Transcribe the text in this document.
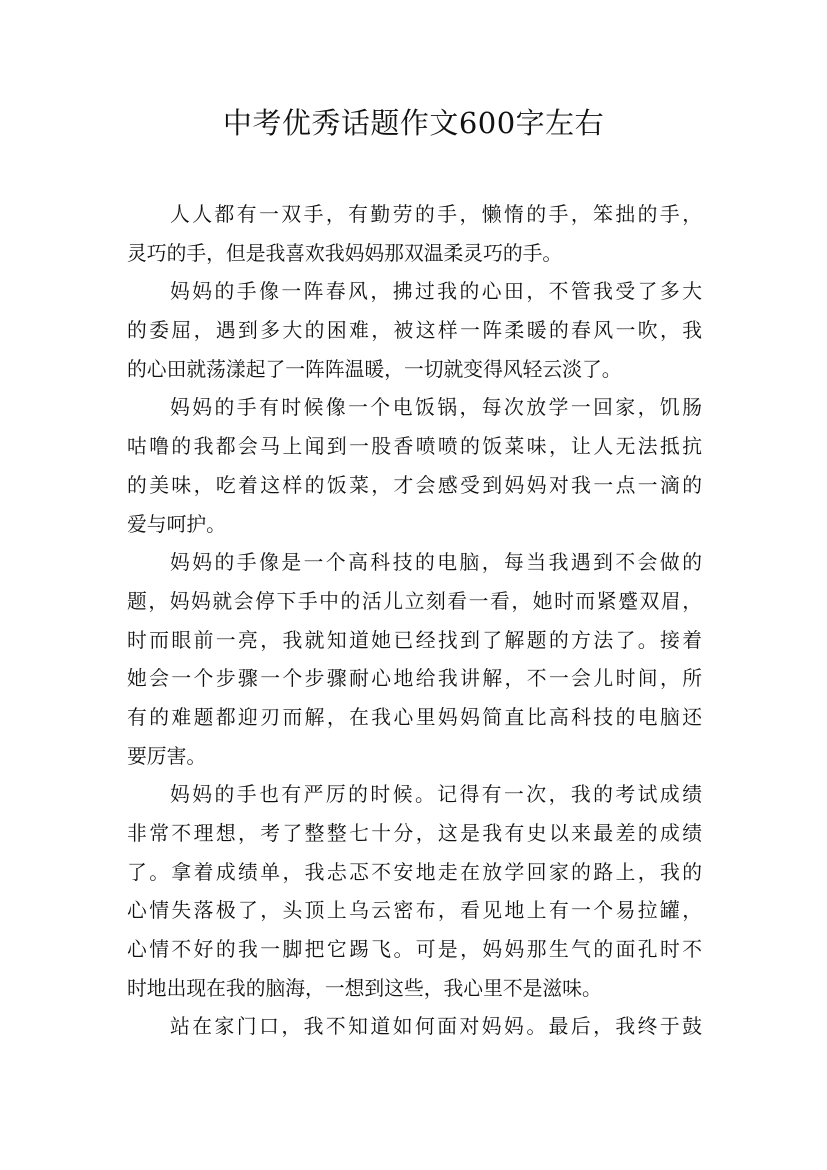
中考优秀话题作文600字左右
人人都有一双手，有勤劳的手，懒惰的手，笨拙的手，
灵巧的手，但是我喜欢我妈妈那双温柔灵巧的手。
妈妈的手像一阵春风，拂过我的心田，不管我受了多大
的委屈，遇到多大的困难，被这样一阵柔暖的春风一吹，我
的心田就荡漾起了一阵阵温暖，一切就变得风轻云淡了。
妈妈的手有时候像一个电饭锅，每次放学一回家，饥肠
咕噜的我都会马上闻到一股香喷喷的饭菜味，让人无法抵抗
的美味，吃着这样的饭菜，才会感受到妈妈对我一点一滴的
爱与呵护。
妈妈的手像是一个高科技的电脑，每当我遇到不会做的
题，妈妈就会停下手中的活儿立刻看一看，她时而紧蹙双眉，
时而眼前一亮，我就知道她已经找到了解题的方法了。接着
她会一个步骤一个步骤耐心地给我讲解，不一会儿时间，所
有的难题都迎刃而解，在我心里妈妈简直比高科技的电脑还
要厉害。
妈妈的手也有严厉的时候。记得有一次，我的考试成绩
非常不理想，考了整整七十分，这是我有史以来最差的成绩
了。拿着成绩单，我忐忑不安地走在放学回家的路上，我的
心情失落极了，头顶上乌云密布，看见地上有一个易拉罐，
心情不好的我一脚把它踢飞。可是，妈妈那生气的面孔时不
时地出现在我的脑海，一想到这些，我心里不是滋味。
站在家门口，我不知道如何面对妈妈。最后，我终于鼓
